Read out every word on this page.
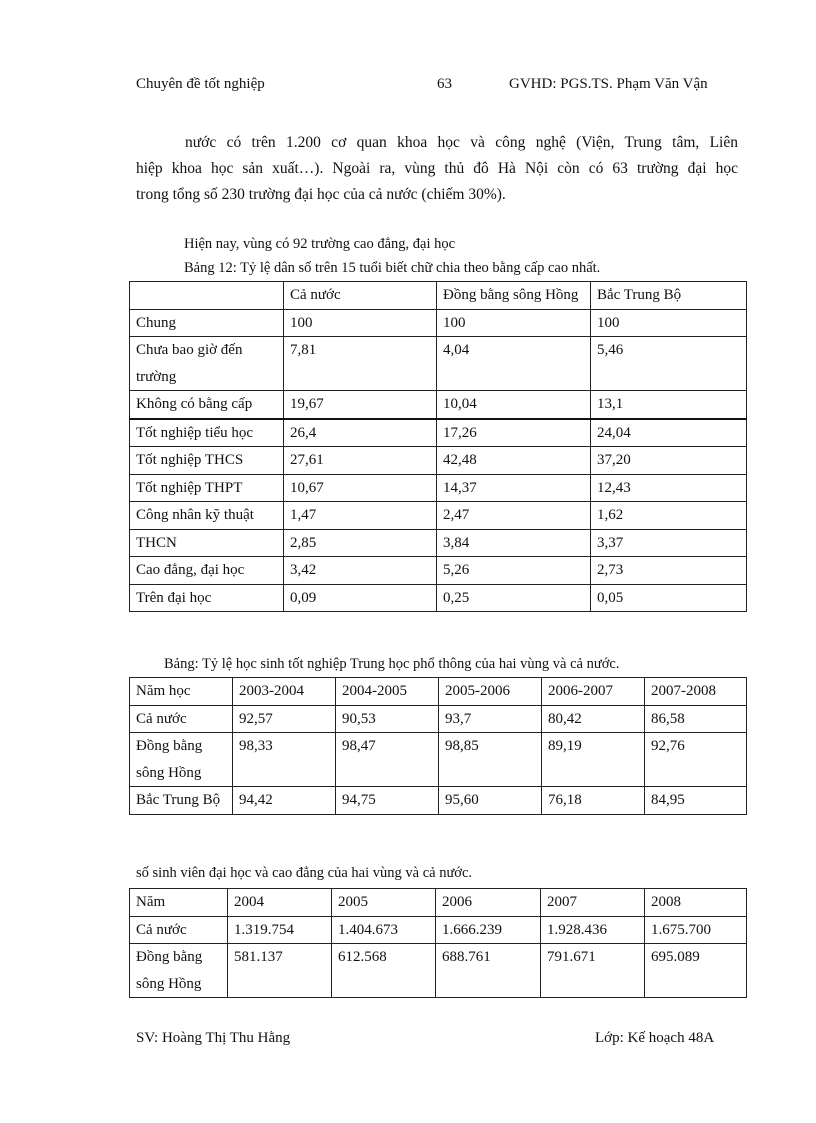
Chuyên đề tốt nghiệp	63	GVHD: PGS.TS. Phạm Văn Vận
nước có trên 1.200 cơ quan khoa học và công nghệ (Viện, Trung tâm, Liên
hiệp khoa học sản xuất…). Ngoài ra, vùng thủ đô Hà Nội còn có 63 trường đại học
trong tổng số 230 trường đại học của cả nước (chiếm 30%).
Hiện nay, vùng có 92 trường cao đẳng, đại học
Bảng 12: Tỷ lệ dân số trên 15 tuổi biết chữ chia theo bằng cấp cao nhất.
	Cả nước	Đồng bằng sông Hồng	Bắc Trung Bộ
Chung	100	100	100
Chưa bao giờ đến trường	7,81	4,04	5,46
Không có bằng cấp	19,67	10,04	13,1
Tốt nghiệp tiểu học	26,4	17,26	24,04
Tốt nghiệp THCS	27,61	42,48	37,20
Tốt nghiệp THPT	10,67	14,37	12,43
Công nhân kỹ thuật	1,47	2,47	1,62
THCN	2,85	3,84	3,37
Cao đẳng, đại học	3,42	5,26	2,73
Trên đại học	0,09	0,25	0,05
Bảng: Tỷ lệ học sinh tốt nghiệp Trung học phổ thông của hai vùng và cả nước.
Năm học	2003-2004	2004-2005	2005-2006	2006-2007	2007-2008
Cả nước	92,57	90,53	93,7	80,42	86,58
Đồng bằng sông Hồng	98,33	98,47	98,85	89,19	92,76
Bắc Trung Bộ	94,42	94,75	95,60	76,18	84,95
số sinh viên đại học và cao đẳng của hai vùng và cả nước.
Năm	2004	2005	2006	2007	2008
Cả nước	1.319.754	1.404.673	1.666.239	1.928.436	1.675.700
Đồng bằng sông Hồng	581.137	612.568	688.761	791.671	695.089
SV: Hoàng Thị Thu Hằng	Lớp: Kế hoạch 48A
